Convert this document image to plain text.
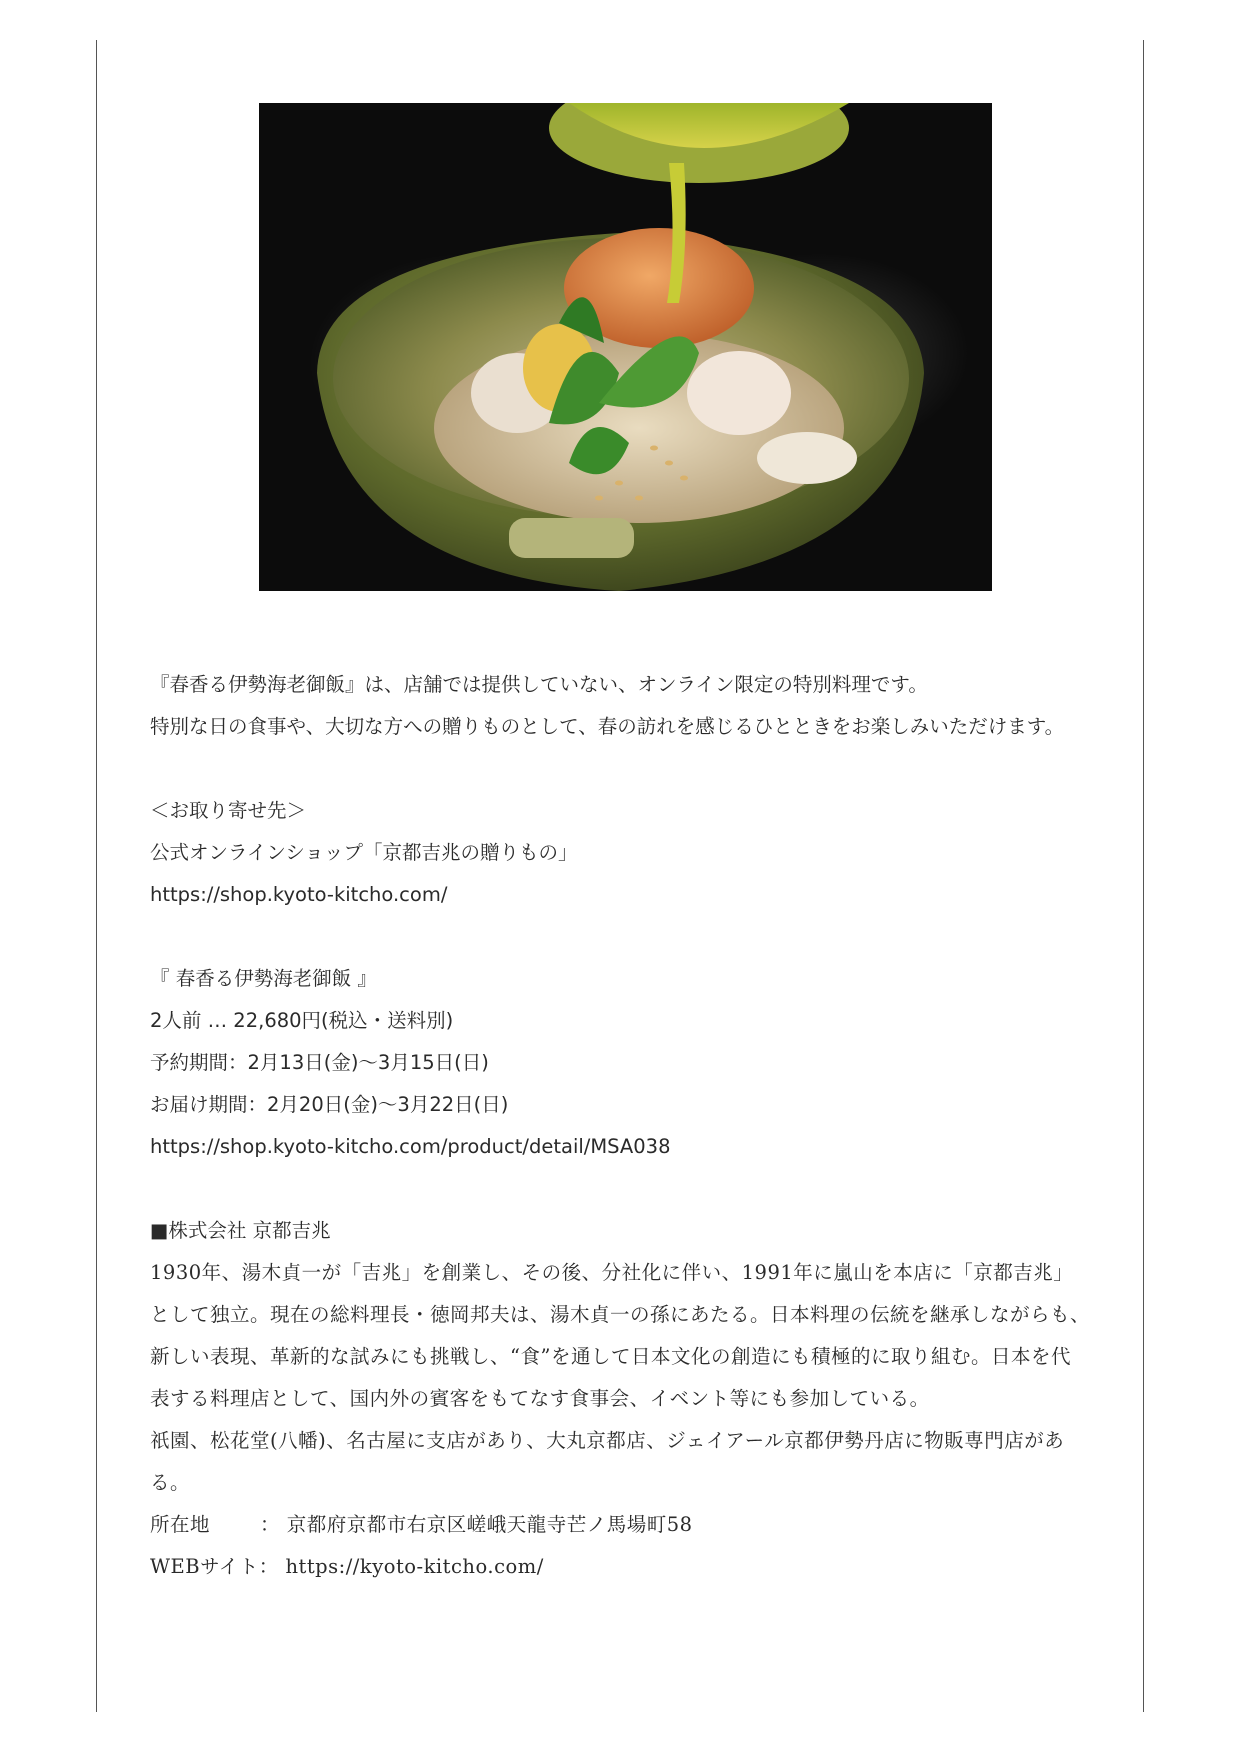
『春香る伊勢海老御飯』は、店舗では提供していない、オンライン限定の特別料理です。

特別な日の食事や、大切な方への贈りものとして、春の訪れを感じるひとときをお楽しみいただけます。

＜お取り寄せ先＞

公式オンラインショップ「京都吉兆の贈りもの」

https://shop.kyoto-kitcho.com/

『 春香る伊勢海老御飯 』

2人前 … 22,680円(税込・送料別)

予約期間：2月13日(金)～3月15日(日)

お届け期間：2月20日(金)～3月22日(日)

https://shop.kyoto-kitcho.com/product/detail/MSA038

■株式会社 京都吉兆

1930年、湯木貞一が「吉兆」を創業し、その後、分社化に伴い、1991年に嵐山を本店に「京都吉兆」として独立。現在の総料理長・徳岡邦夫は、湯木貞一の孫にあたる。日本料理の伝統を継承しながらも、新しい表現、革新的な試みにも挑戦し、“食”を通して日本文化の創造にも積極的に取り組む。日本を代表する料理店として、国内外の賓客をもてなす食事会、イベント等にも参加している。

祇園、松花堂(八幡)、名古屋に支店があり、大丸京都店、ジェイアール京都伊勢丹店に物販専門店がある。

所在地	： 京都府京都市右京区嵯峨天龍寺芒ノ馬場町58

WEBサイト： https://kyoto-kitcho.com/
